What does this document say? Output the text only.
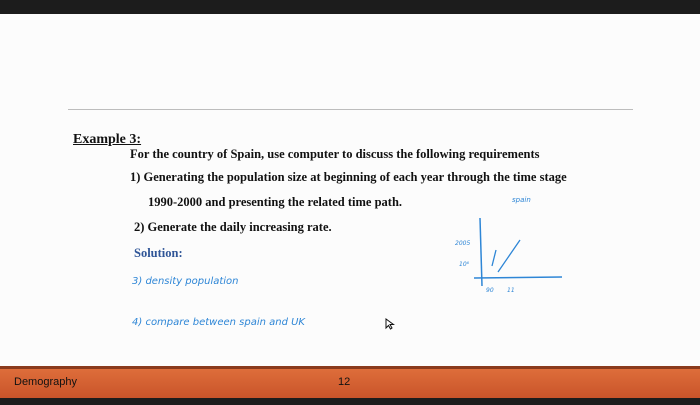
Example 3:
For the country of Spain, use computer to discuss the following requirements
1) Generating the population size at beginning of each year through the time stage
1990-2000 and presenting the related time path.
2) Generate the daily increasing rate.
Solution:
3) density population
4) compare between spain and UK
spain
2005
10⁶
90 11
Demography	12
